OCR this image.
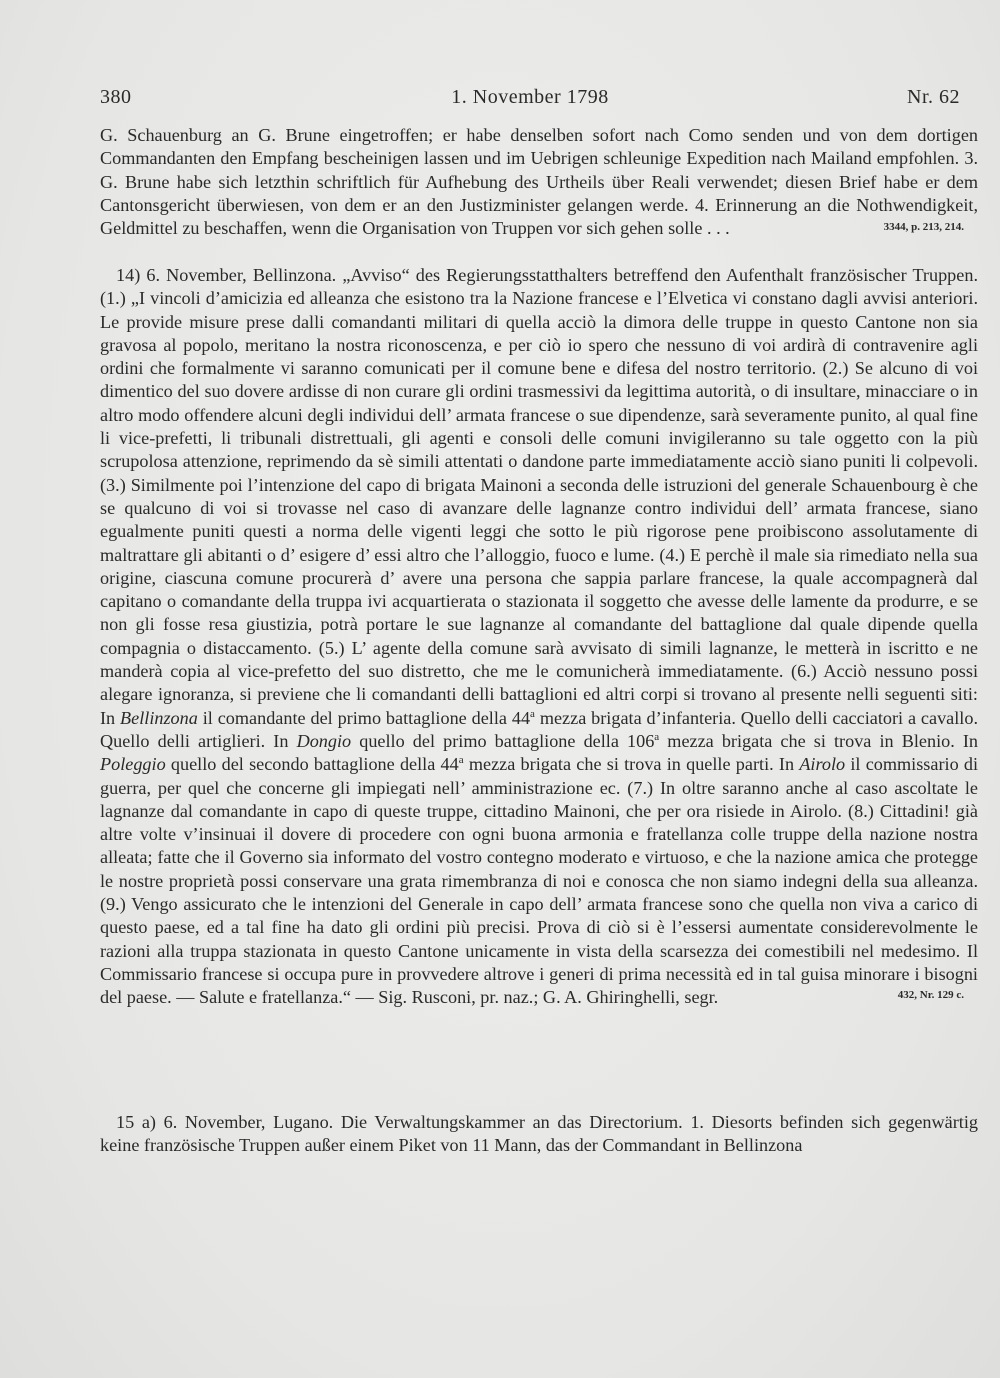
380	1. November 1798	Nr. 62

G. Schauenburg an G. Brune eingetroffen; er habe denselben sofort nach Como senden und von dem dortigen Commandanten den Empfang bescheinigen lassen und im Uebrigen schleunige Expedition nach Mailand empfohlen. 3. G. Brune habe sich letzthin schriftlich für Aufhebung des Urtheils über Reali verwendet; diesen Brief habe er dem Cantonsgericht überwiesen, von dem er an den Justizminister gelangen werde. 4. Erinnerung an die Nothwendigkeit, Geldmittel zu beschaffen, wenn die Organisation von Truppen vor sich gehen solle . . .	3344, p. 213, 214.

14) 6. November, Bellinzona. „Avviso“ des Regierungsstatthalters betreffend den Aufenthalt französischer Truppen. (1.) „I vincoli d’amicizia ed alleanza che esistono tra la Nazione francese e l’Elvetica vi constano dagli avvisi anteriori. Le provide misure prese dalli comandanti militari di quella acciò la dimora delle truppe in questo Cantone non sia gravosa al popolo, meritano la nostra riconoscenza, e per ciò io spero che nessuno di voi ardirà di contravenire agli ordini che formalmente vi saranno comunicati per il comune bene e difesa del nostro territorio. (2.) Se alcuno di voi dimentico del suo dovere ardisse di non curare gli ordini trasmessivi da legittima autorità, o di insultare, minacciare o in altro modo offendere alcuni degli individui dell’ armata francese o sue dipendenze, sarà severamente punito, al qual fine li vice-prefetti, li tribunali distrettuali, gli agenti e consoli delle comuni invigileranno su tale oggetto con la più scrupolosa attenzione, reprimendo da sè simili attentati o dandone parte immediatamente acciò siano puniti li colpevoli. (3.) Similmente poi l’intenzione del capo di brigata Mainoni a seconda delle istruzioni del generale Schauenbourg è che se qualcuno di voi si trovasse nel caso di avanzare delle lagnanze contro individui dell’ armata francese, siano egualmente puniti questi a norma delle vigenti leggi che sotto le più rigorose pene proibiscono assolutamente di maltrattare gli abitanti o d’ esigere d’ essi altro che l’alloggio, fuoco e lume. (4.) E perchè il male sia rimediato nella sua origine, ciascuna comune procurerà d’ avere una persona che sappia parlare francese, la quale accompagnerà dal capitano o comandante della truppa ivi acquartierata o stazionata il soggetto che avesse delle lamente da produrre, e se non gli fosse resa giustizia, potrà portare le sue lagnanze al comandante del battaglione dal quale dipende quella compagnia o distaccamento. (5.) L’ agente della comune sarà avvisato di simili lagnanze, le metterà in iscritto e ne manderà copia al vice-prefetto del suo distretto, che me le comunicherà immediatamente. (6.) Acciò nessuno possi alegare ignoranza, si previene che li comandanti delli battaglioni ed altri corpi si trovano al presente nelli seguenti siti: In Bellinzona il comandante del primo battaglione della 44$^a$ mezza brigata d’infanteria. Quello delli cacciatori a cavallo. Quello delli artiglieri. In Dongio quello del primo battaglione della 106$^a$ mezza brigata che si trova in Blenio. In Poleggio quello del secondo battaglione della 44$^a$ mezza brigata che si trova in quelle parti. In Airolo il commissario di guerra, per quel che concerne gli impiegati nell’ amministrazione ec. (7.) In oltre saranno anche al caso ascoltate le lagnanze dal comandante in capo di queste truppe, cittadino Mainoni, che per ora risiede in Airolo. (8.) Cittadini! già altre volte v’insinuai il dovere di procedere con ogni buona armonia e fratellanza colle truppe della nazione nostra alleata; fatte che il Governo sia informato del vostro contegno moderato e virtuoso, e che la nazione amica che protegge le nostre proprietà possi conservare una grata rimembranza di noi e conosca che non siamo indegni della sua alleanza. (9.) Vengo assicurato che le intenzioni del Generale in capo dell’ armata francese sono che quella non viva a carico di questo paese, ed a tal fine ha dato gli ordini più precisi. Prova di ciò si è l’essersi aumentate considerevolmente le razioni alla truppa stazionata in questo Cantone unicamente in vista della scarsezza dei comestibili nel medesimo. Il Commissario francese si occupa pure in provvedere altrove i generi di prima necessità ed in tal guisa minorare i bisogni del paese. — Salute e fratellanza.“ — Sig. Rusconi, pr. naz.; G. A. Ghiringhelli, segr.	432, Nr. 129 c.

15 a) 6. November, Lugano. Die Verwaltungskammer an das Directorium. 1. Diesorts befinden sich gegenwärtig keine französische Truppen außer einem Piket von 11 Mann, das der Commandant in Bellinzona
